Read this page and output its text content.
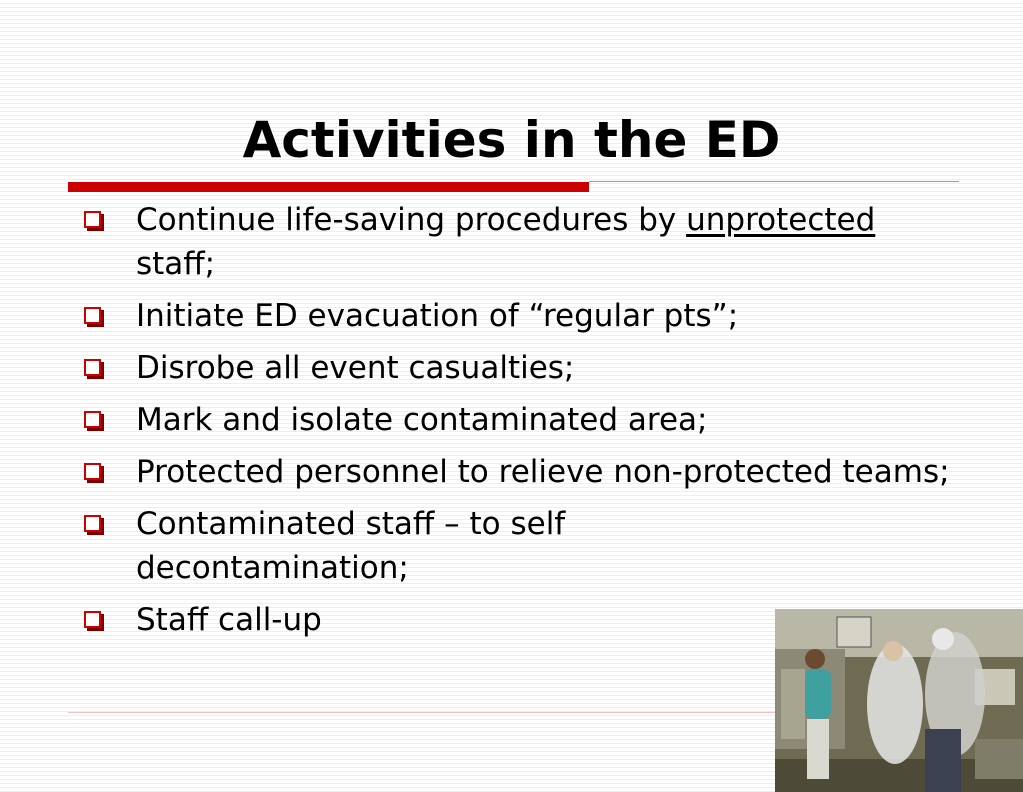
Activities in the ED
Continue life-saving procedures by unprotected staff;
Initiate ED evacuation of “regular pts”;
Disrobe all event casualties;
Mark and isolate contaminated area;
Protected personnel to relieve non-protected teams;
Contaminated staff – to self decontamination;
Staff call-up
